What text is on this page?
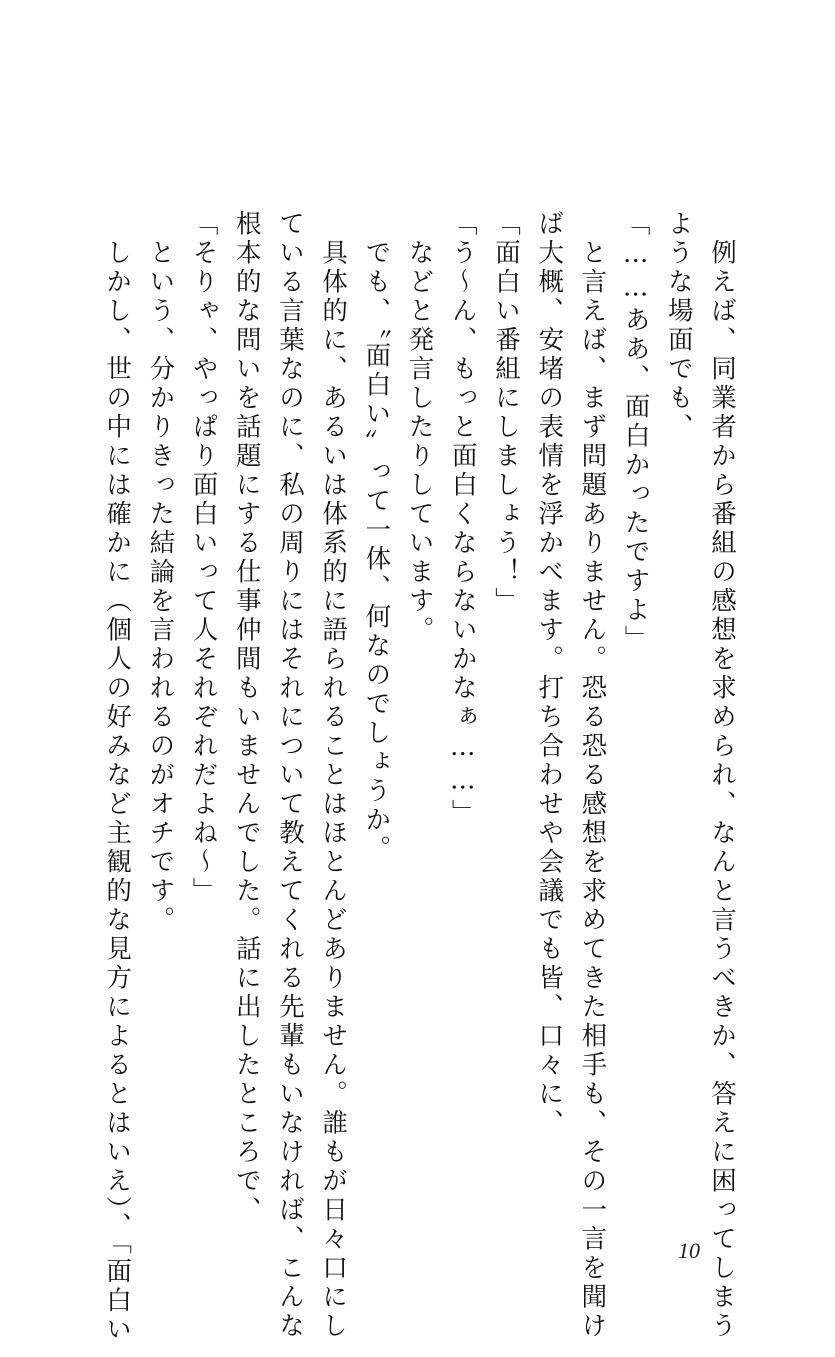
　例えば、同業者から番組の感想を求められ、なんと言うべきか、答えに困ってしまう
ような場面でも、
「……ああ、面白かったですよ」
　と言えば、まず問題ありません。恐る恐る感想を求めてきた相手も、その一言を聞け
ば大概、安堵の表情を浮かべます。打ち合わせや会議でも皆、口々に、
「面白い番組にしましょう！」
「う～ん、もっと面白くならないかなぁ……」
　などと発言したりしています。
　でも、〝面白い〟って一体、何なのでしょうか。
　具体的に、あるいは体系的に語られることはほとんどありません。誰もが日々口にし
ている言葉なのに、私の周りにはそれについて教えてくれる先輩もいなければ、こんな
根本的な問いを話題にする仕事仲間もいませんでした。話に出したところで、
「そりゃ、やっぱり面白いって人それぞれだよね～」
　という、分かりきった結論を言われるのがオチです。
　しかし、世の中には確かに（個人の好みなど主観的な見方によるとはいえ）、「面白い	10
